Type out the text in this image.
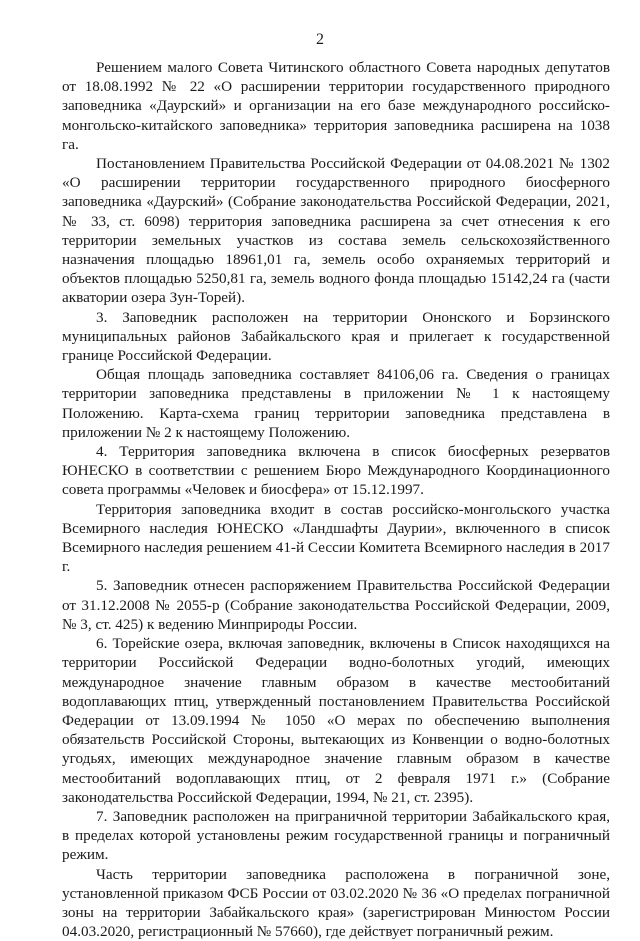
2

Решением малого Совета Читинского областного Совета народных депутатов от 18.08.1992 № 22 «О расширении территории государственного природного заповедника «Даурский» и организации на его базе международного российско-монгольско-китайского заповедника» территория заповедника расширена на 1038 га.

Постановлением Правительства Российской Федерации от 04.08.2021 № 1302 «О расширении территории государственного природного биосферного заповедника «Даурский» (Собрание законодательства Российской Федерации, 2021, № 33, ст. 6098) территория заповедника расширена за счет отнесения к его территории земельных участков из состава земель сельскохозяйственного назначения площадью 18961,01 га, земель особо охраняемых территорий и объектов площадью 5250,81 га, земель водного фонда площадью 15142,24 га (части акватории озера Зун-Торей).

3. Заповедник расположен на территории Ононского и Борзинского муниципальных районов Забайкальского края и прилегает к государственной границе Российской Федерации.

Общая площадь заповедника составляет 84106,06 га. Сведения о границах территории заповедника представлены в приложении № 1 к настоящему Положению. Карта-схема границ территории заповедника представлена в приложении № 2 к настоящему Положению.

4. Территория заповедника включена в список биосферных резерватов ЮНЕСКО в соответствии с решением Бюро Международного Координационного совета программы «Человек и биосфера» от 15.12.1997.

Территория заповедника входит в состав российско-монгольского участка Всемирного наследия ЮНЕСКО «Ландшафты Даурии», включенного в список Всемирного наследия решением 41-й Сессии Комитета Всемирного наследия в 2017 г.

5. Заповедник отнесен распоряжением Правительства Российской Федерации от 31.12.2008 № 2055-р (Собрание законодательства Российской Федерации, 2009, № 3, ст. 425) к ведению Минприроды России.

6. Торейские озера, включая заповедник, включены в Список находящихся на территории Российской Федерации водно-болотных угодий, имеющих международное значение главным образом в качестве местообитаний водоплавающих птиц, утвержденный постановлением Правительства Российской Федерации от 13.09.1994 № 1050 «О мерах по обеспечению выполнения обязательств Российской Стороны, вытекающих из Конвенции о водно-болотных угодьях, имеющих международное значение главным образом в качестве местообитаний водоплавающих птиц, от 2 февраля 1971 г.» (Собрание законодательства Российской Федерации, 1994, № 21, ст. 2395).

7. Заповедник расположен на приграничной территории Забайкальского края, в пределах которой установлены режим государственной границы и пограничный режим.

Часть территории заповедника расположена в пограничной зоне, установленной приказом ФСБ России от 03.02.2020 № 36 «О пределах пограничной зоны на территории Забайкальского края» (зарегистрирован Минюстом России 04.03.2020, регистрационный № 57660), где действует пограничный режим.
